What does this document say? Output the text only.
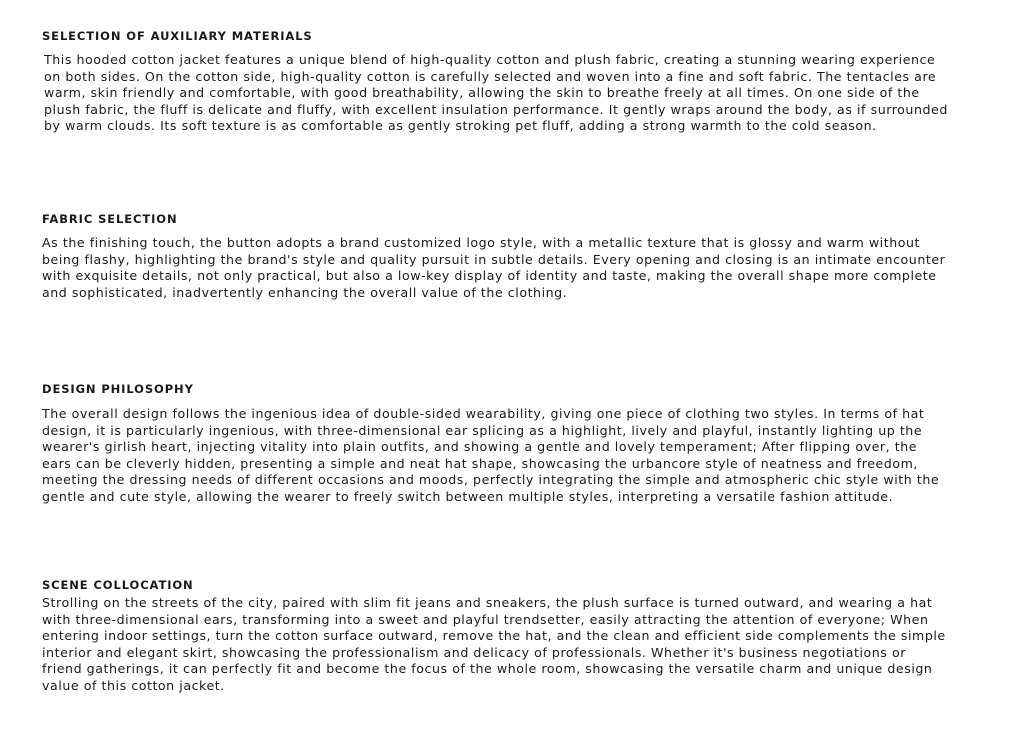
SELECTION OF AUXILIARY MATERIALS

This hooded cotton jacket features a unique blend of high-quality cotton and plush fabric, creating a stunning wearing experience
on both sides. On the cotton side, high-quality cotton is carefully selected and woven into a fine and soft fabric. The tentacles are
warm, skin friendly and comfortable, with good breathability, allowing the skin to breathe freely at all times. On one side of the
plush fabric, the fluff is delicate and fluffy, with excellent insulation performance. It gently wraps around the body, as if surrounded
by warm clouds. Its soft texture is as comfortable as gently stroking pet fluff, adding a strong warmth to the cold season.

FABRIC SELECTION

As the finishing touch, the button adopts a brand customized logo style, with a metallic texture that is glossy and warm without
being flashy, highlighting the brand's style and quality pursuit in subtle details. Every opening and closing is an intimate encounter
with exquisite details, not only practical, but also a low-key display of identity and taste, making the overall shape more complete
and sophisticated, inadvertently enhancing the overall value of the clothing.

DESIGN PHILOSOPHY

The overall design follows the ingenious idea of double-sided wearability, giving one piece of clothing two styles. In terms of hat
design, it is particularly ingenious, with three-dimensional ear splicing as a highlight, lively and playful, instantly lighting up the
wearer's girlish heart, injecting vitality into plain outfits, and showing a gentle and lovely temperament; After flipping over, the
ears can be cleverly hidden, presenting a simple and neat hat shape, showcasing the urbancore style of neatness and freedom,
meeting the dressing needs of different occasions and moods, perfectly integrating the simple and atmospheric chic style with the
gentle and cute style, allowing the wearer to freely switch between multiple styles, interpreting a versatile fashion attitude.

SCENE COLLOCATION

Strolling on the streets of the city, paired with slim fit jeans and sneakers, the plush surface is turned outward, and wearing a hat
with three-dimensional ears, transforming into a sweet and playful trendsetter, easily attracting the attention of everyone; When
entering indoor settings, turn the cotton surface outward, remove the hat, and the clean and efficient side complements the simple
interior and elegant skirt, showcasing the professionalism and delicacy of professionals. Whether it's business negotiations or
friend gatherings, it can perfectly fit and become the focus of the whole room, showcasing the versatile charm and unique design
value of this cotton jacket.
